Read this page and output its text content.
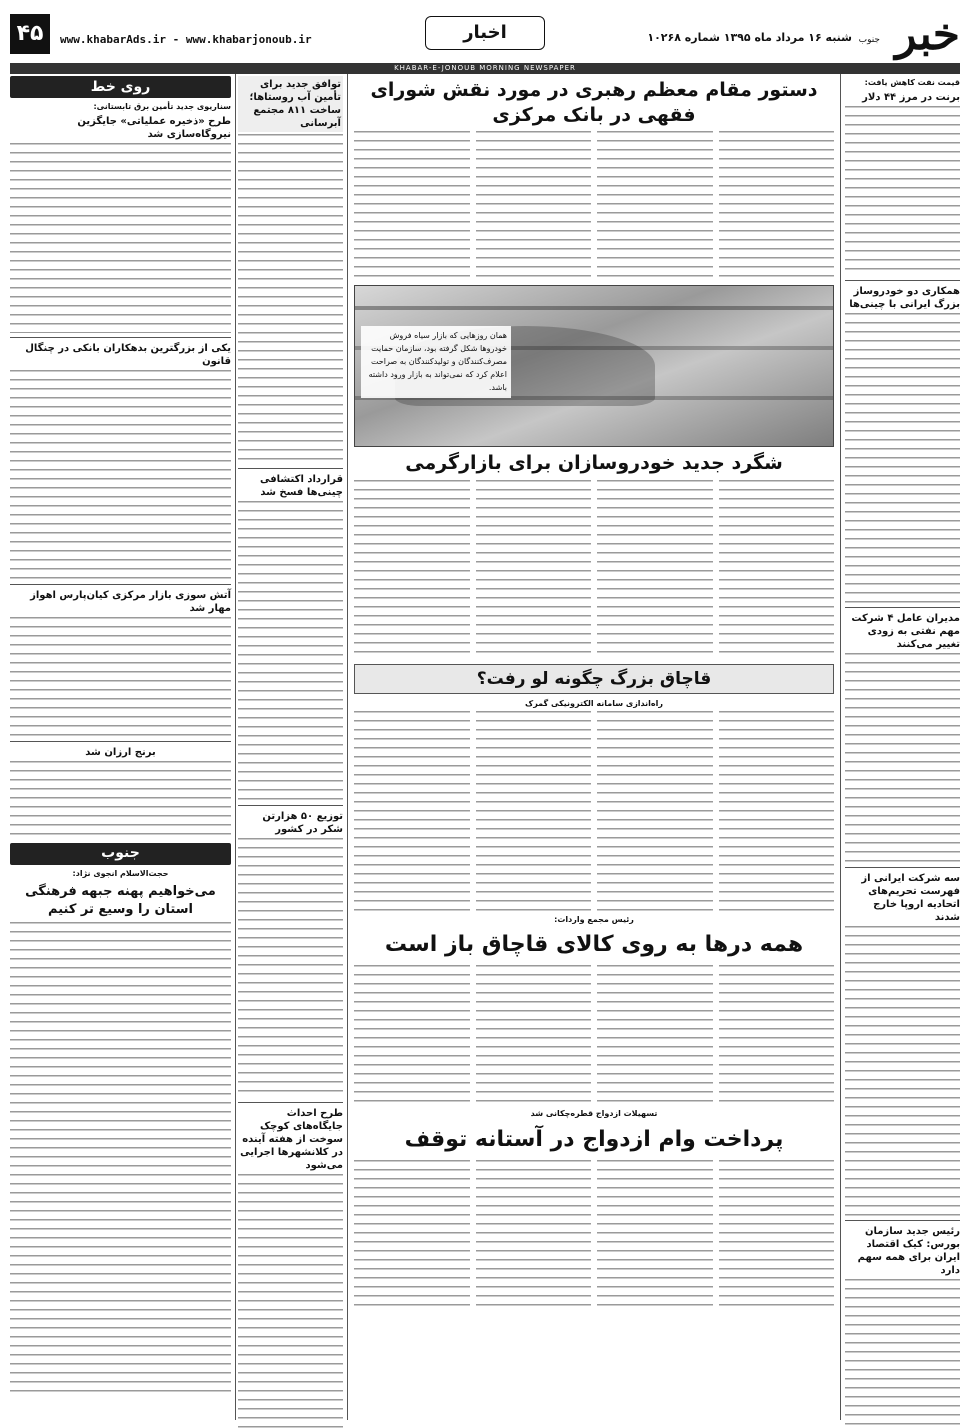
خبر
جنوب
شنبه ۱۶ مرداد ماه ۱۳۹۵ شماره ۱۰۲۶۸
اخبار
www.khabarAds.ir - www.khabarjonoub.ir
۴۵
KHABAR-E-JONOUB MORNING NEWSPAPER
قیمت نفت کاهش یافت:
برنت در مرز ۴۴ دلار
همکاری دو خودروساز بزرگ ایرانی با چینی‌ها
مدیران عامل ۴ شرکت مهم نفتی به زودی تغییر می‌کنند
سه شرکت ایرانی از فهرست تحریم‌های اتحادیه اروپا خارج شدند
رئیس جدید سازمان بورس: کیک اقتصاد ایران برای همه سهم دارد
دستور مقام معظم رهبری در مورد نقش شورای فقهی در بانک مرکزی
همان روزهایی که بازار سیاه فروش خودروها شکل گرفته بود، سازمان حمایت مصرف‌کنندگان و تولیدکنندگان به صراحت اعلام کرد که نمی‌تواند به بازار ورود داشته باشد.
شگرد جدید خودروسازان برای بازارگرمی
قاچاق بزرگ چگونه لو رفت؟
راه‌اندازی سامانه الکترونیکی گمرک
رئیس مجمع واردات:
همه درها به روی کالای قاچاق باز است
تسهیلات ازدواج قطره‌چکانی شد
پرداخت وام ازدواج در آستانه توقف
توافق جدید برای تأمین آب روستاها؛ ساخت ۸۱۱ مجتمع آبرسانی
قرارداد اکتشافی چینی‌ها فسخ شد
توزیع ۵۰ هزارتن شکر در کشور
طرح احداث جایگاه‌های کوچک سوخت از هفته آینده در کلانشهرها اجرایی می‌شود
روی خط
سناریوی جدید تأمین برق تابستانی:
طرح «ذخیره عملیاتی» جایگزین نیروگاه‌سازی شد
یکی از بزرگترین بدهکاران بانکی در چنگال قانون
آتش سوزی بازار مرکزی کیان‌پارس اهواز مهار شد
برنج ارزان شد
جنوب
حجت‌الاسلام انجوی نژاد:
می‌خواهیم پهنه جبهه فرهنگی استان را وسیع تر کنیم
